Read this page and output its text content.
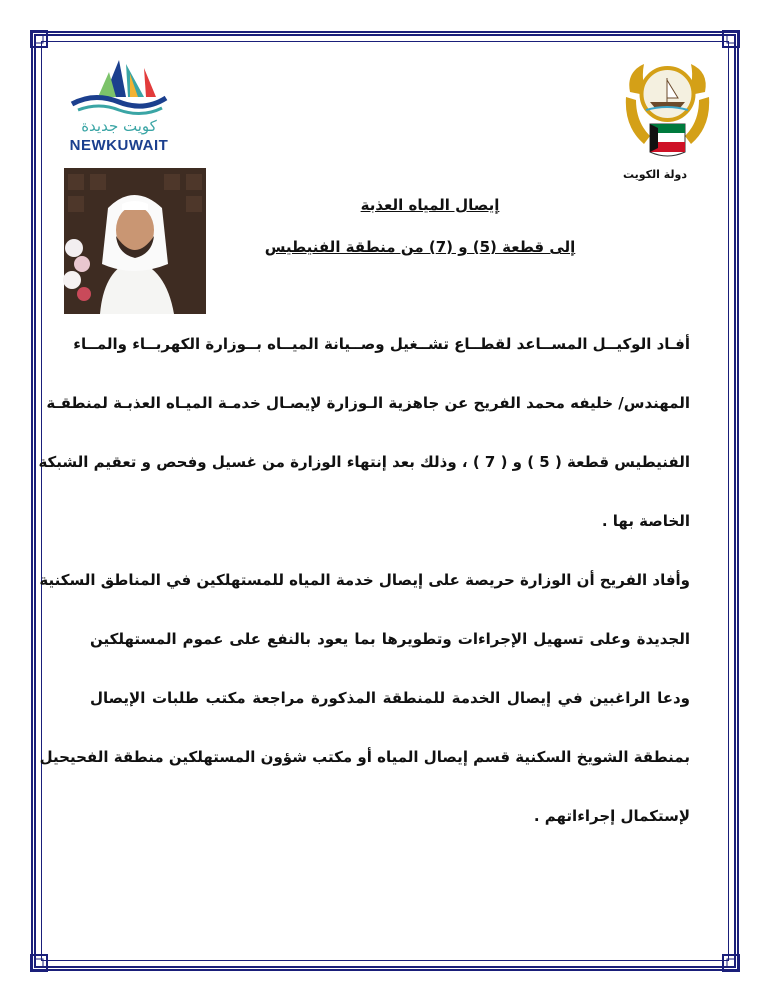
كويت جديدة
NEWKUWAIT
دولة الكويت
إيصال المياه العذبة
إلى قطعة (5) و (7) من منطقة الفنيطيس
أفـاد الوكيــل المســاعد لقطــاع تشــغيل وصــيانة الميــاه بــوزارة الكهربــاء والمــاء
المهندس/ خليفه محمد الفريح عن جاهزية الـوزارة لإيصـال خدمـة الميـاه العذبـة لمنطقـة
الفنيطيس قطعة ( 5 ) و ( 7 ) ، وذلك بعد إنتهاء الوزارة من غسيل وفحص و تعقيم الشبكة
الخاصة بها .
وأفاد الفريح أن الوزارة حريصة على إيصال خدمة المياه للمستهلكين في المناطق السكنية
الجديدة وعلى تسهيل الإجراءات وتطويرها بما يعود بالنفع على عموم المستهلكين
ودعا الراغبين في إيصال الخدمة للمنطقة المذكورة مراجعة مكتب طلبات الإيصال
بمنطقة الشويخ السكنية قسم إيصال المياه أو مكتب شؤون المستهلكين منطقة الفحيحيل
لإستكمال إجراءاتهم .
